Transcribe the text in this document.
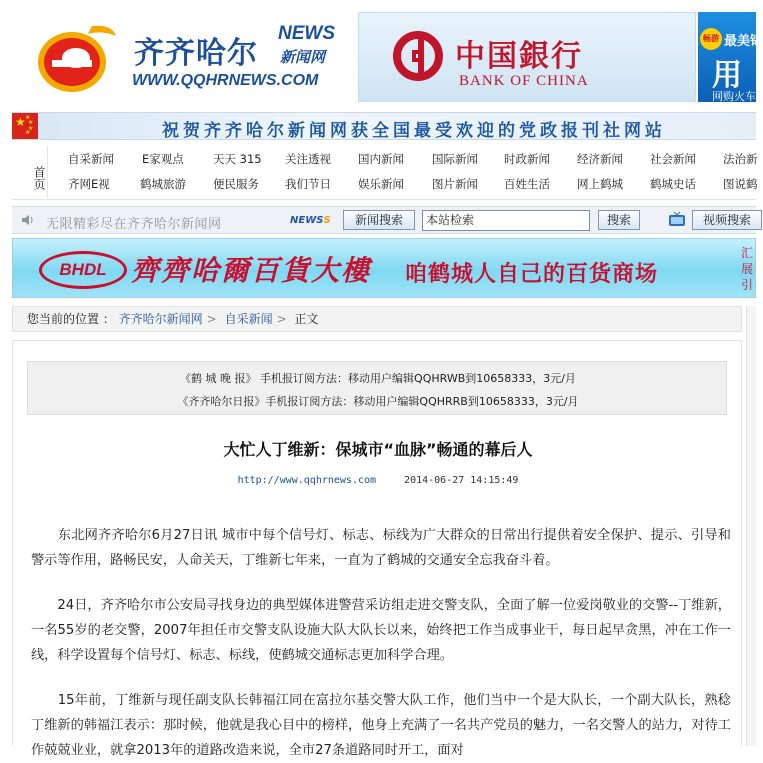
齐齐哈尔
NEWS
新闻网
WWW.QQHRNEWS.COM
中国銀行
BANK OF CHINA
畅游 最美锦
用
网购火车
★ ★
★
★
★	祝贺齐齐哈尔新闻网获全国最受欢迎的党政报刊社网站
首页
自采新闻 E家观点	天天 315 关注透视 国内新闻 国际新闻 时政新闻 经济新闻 社会新闻 法治新
齐网E视	鹤城旅游 便民服务 我们节日 娱乐新闻 图片新闻 百姓生活 网上鹤城 鹤城史话 图说鹤
无限精彩尽在齐齐哈尔新闻网	NEWSS	新闻搜索	本站检索	搜索	视频搜索
BHDL 齊齊哈爾百貨大樓 咱鹤城人自己的百货商场
汇展引
您当前的位置 ： 齐齐哈尔新闻网 > 自采新闻 > 正文
《鹤 城 晚 报》 手机报订阅方法：移动用户编辑QQHRWB到10658333，3元/月
《齐齐哈尔日报》手机报订阅方法：移动用户编辑QQHRRB到10658333，3元/月
大忙人丁维新：保城市“血脉”畅通的幕后人
http://www.qqhrnews.com	2014-06-27 14:15:49
　　东北网齐齐哈尔6月27日讯 城市中每个信号灯、标志、标线为广大群众的日常出行提供着安全保护、提示、引导和警示等作用，路畅民安，人命关天，丁维新七年来，一直为了鹤城的交通安全忘我奋斗着。
　　24日，齐齐哈尔市公安局寻找身边的典型媒体进警营采访组走进交警支队，全面了解一位爱岗敬业的交警--丁维新，一名55岁的老交警，2007年担任市交警支队设施大队大队长以来，始终把工作当成事业干，每日起早贪黑，冲在工作一线，科学设置每个信号灯、标志、标线，使鹤城交通标志更加科学合理。
　　15年前，丁维新与现任副支队长韩福江同在富拉尔基交警大队工作，他们当中一个是大队长，一个副大队长，熟稔丁维新的韩福江表示：那时候，他就是我心目中的榜样，他身上充满了一名共产党员的魅力，一名交警人的站力，对待工作兢兢业业，就拿2013年的道路改造来说，全市27条道路同时开工，面对
